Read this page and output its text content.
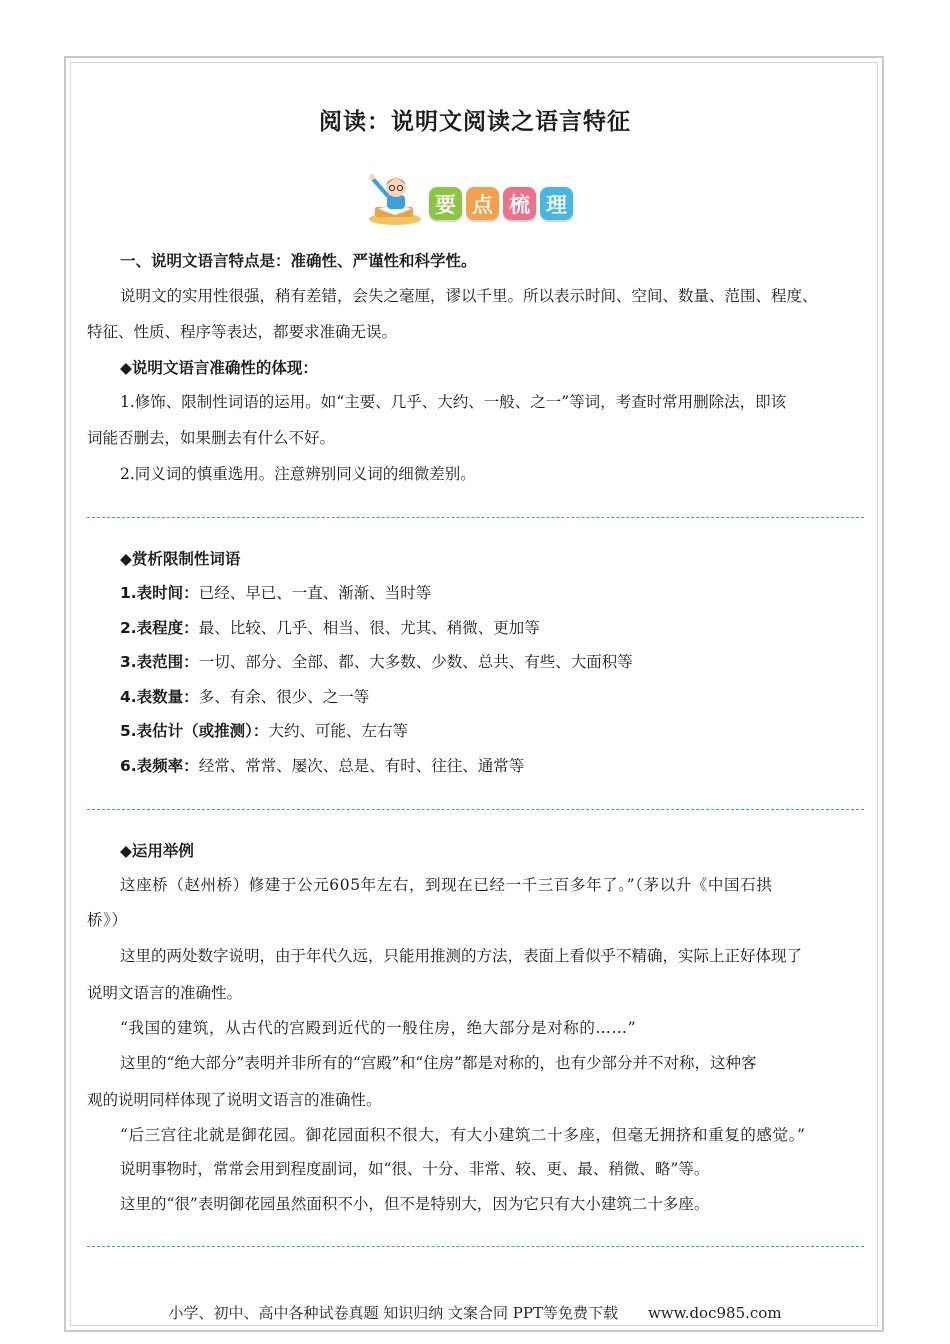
阅读：说明文阅读之语言特征
要 点 梳 理
一、说明文语言特点是：准确性、严谨性和科学性。
说明文的实用性很强，稍有差错，会失之毫厘，谬以千里。所以表示时间、空间、数量、范围、程度、
特征、性质、程序等表达，都要求准确无误。
◆说明文语言准确性的体现：
1.修饰、限制性词语的运用。如“主要、几乎、大约、一般、之一”等词，考查时常用删除法，即该
词能否删去，如果删去有什么不好。
2.同义词的慎重选用。注意辨别同义词的细微差别。
◆赏析限制性词语
1.表时间：已经、早已、一直、渐渐、当时等
2.表程度：最、比较、几乎、相当、很、尤其、稍微、更加等
3.表范围：一切、部分、全部、都、大多数、少数、总共、有些、大面积等
4.表数量：多、有余、很少、之一等
5.表估计（或推测）：大约、可能、左右等
6.表频率：经常、常常、屡次、总是、有时、往往、通常等
◆运用举例
这座桥（赵州桥）修建于公元605年左右，到现在已经一千三百多年了。”（茅以升《中国石拱
桥》）
这里的两处数字说明，由于年代久远，只能用推测的方法，表面上看似乎不精确，实际上正好体现了
说明文语言的准确性。
“我国的建筑，从古代的宫殿到近代的一般住房，绝大部分是对称的……”
这里的“绝大部分”表明并非所有的“宫殿”和“住房”都是对称的，也有少部分并不对称，这种客
观的说明同样体现了说明文语言的准确性。
“后三宫往北就是御花园。御花园面积不很大，有大小建筑二十多座，但毫无拥挤和重复的感觉。”
说明事物时，常常会用到程度副词，如“很、十分、非常、较、更、最、稍微、略”等。
这里的“很”表明御花园虽然面积不小，但不是特别大，因为它只有大小建筑二十多座。
小学、初中、高中各种试卷真题 知识归纳 文案合同 PPT等免费下载　　www.doc985.com
